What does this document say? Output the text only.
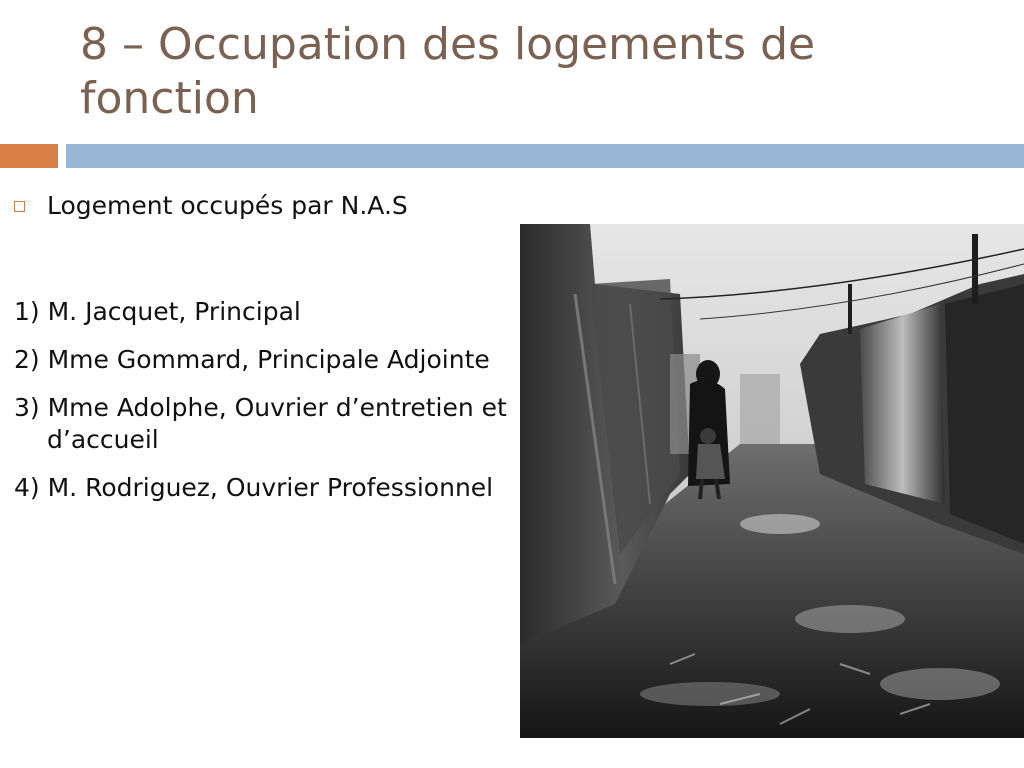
8 – Occupation des logements de fonction
Logement occupés par N.A.S
1) M. Jacquet, Principal
2) Mme Gommard, Principale Adjointe
3) Mme Adolphe, Ouvrier d’entretien et d’accueil
4) M. Rodriguez, Ouvrier Professionnel
